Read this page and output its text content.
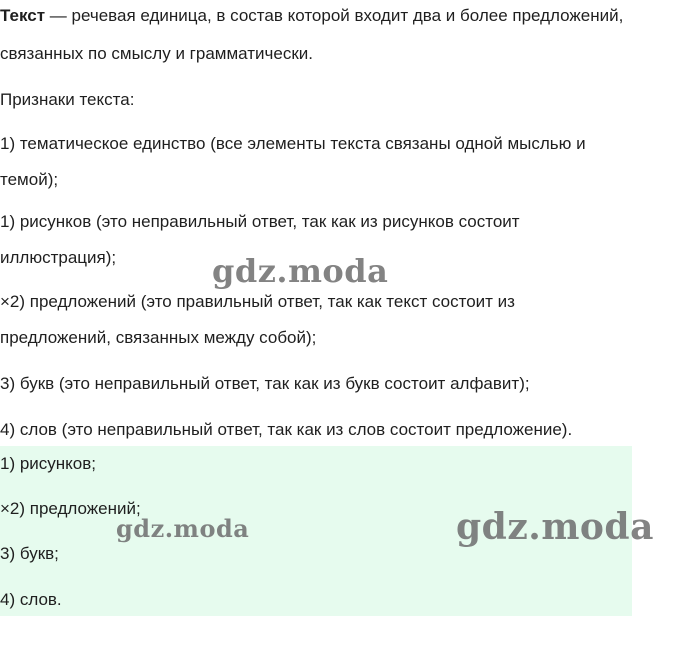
Текст — речевая единица, в состав которой входит два и более предложений,
связанных по смыслу и грамматически.
Признаки текста:
1) тематическое единство (все элементы текста связаны одной мыслью и
темой);
1) рисунков (это неправильный ответ, так как из рисунков состоит
иллюстрация);
×2) предложений (это правильный ответ, так как текст состоит из
предложений, связанных между собой);
3) букв (это неправильный ответ, так как из букв состоит алфавит);
4) слов (это неправильный ответ, так как из слов состоит предложение).
1) рисунков;
×2) предложений;
3) букв;
4) слов.
gdz.moda
gdz.moda	gdz.moda
